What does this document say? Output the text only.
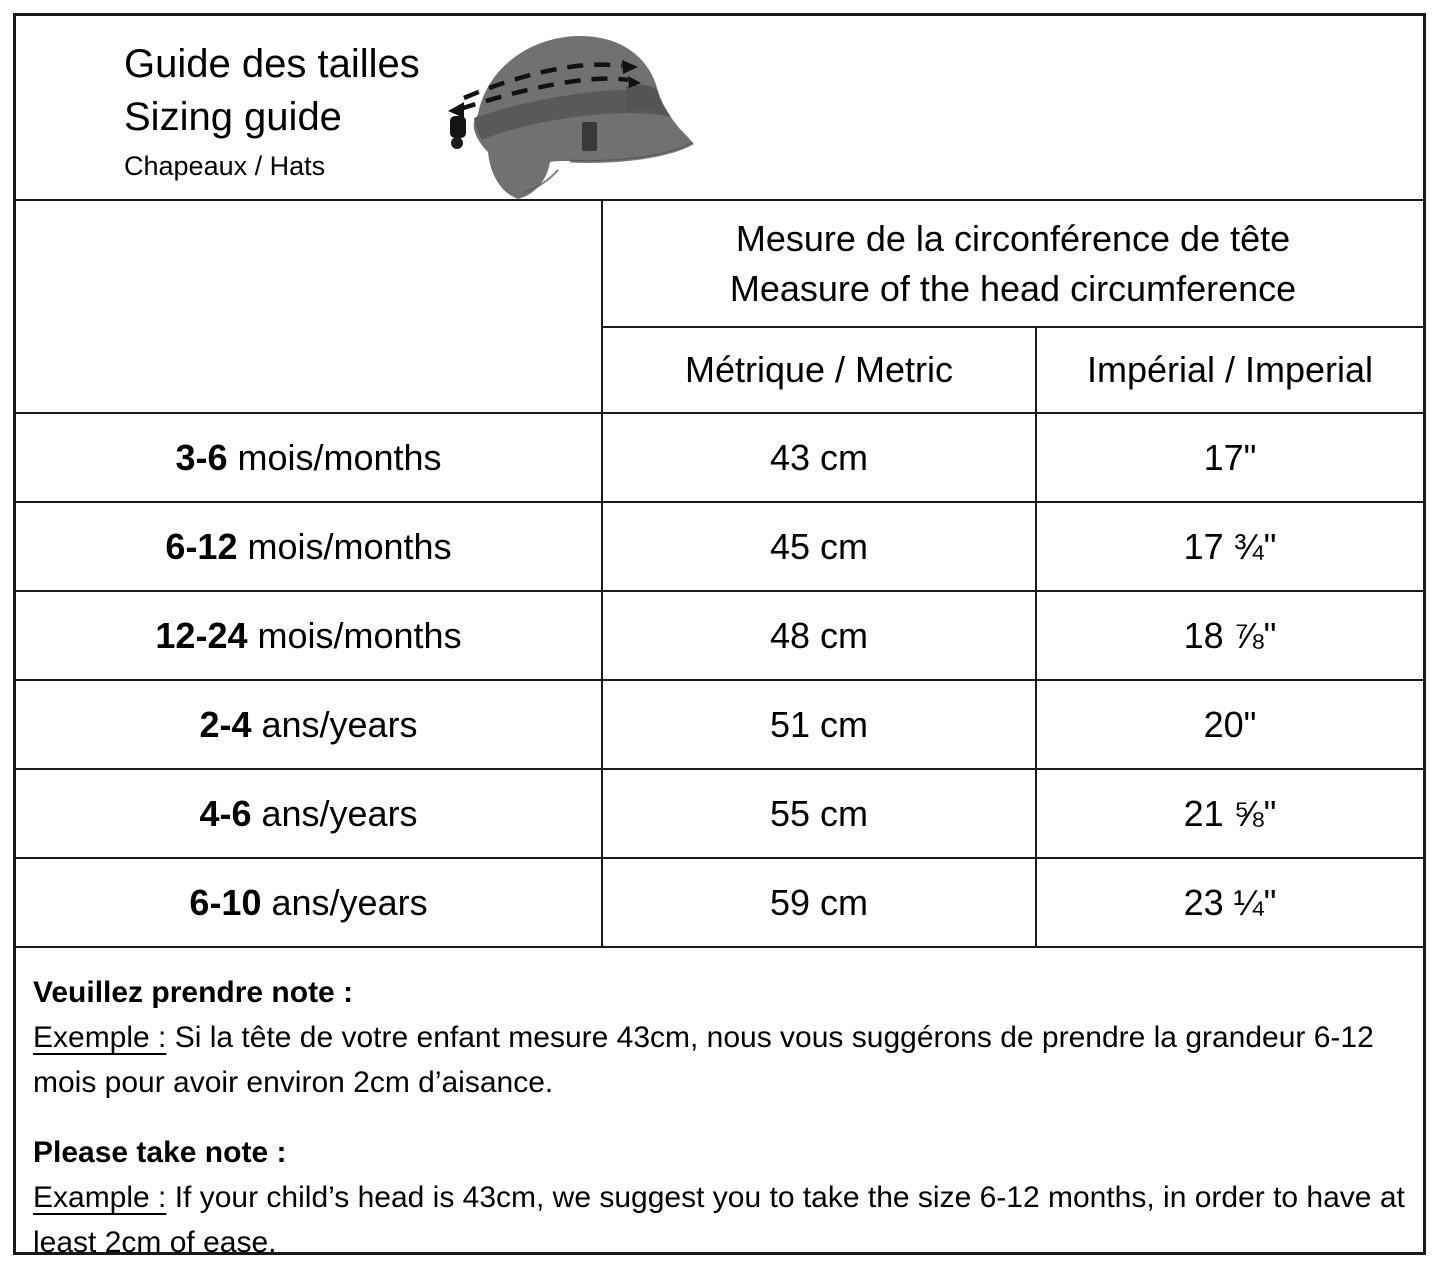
Guide des tailles
Sizing guide
Chapeaux / Hats

	Mesure de la circonférence de tête
Measure of the head circumference	

	Métrique / Metric	Impérial / Imperial
3-6 mois/months	43 cm	17"
6-12 mois/months	45 cm	17 ¾"
12-24 mois/months	48 cm	18 ⅞"
2-4 ans/years	51 cm	20"
4-6 ans/years	55 cm	21 ⅝"
6-10 ans/years	59 cm	23 ¼"
Veuillez prendre note :
Exemple : Si la tête de votre enfant mesure 43cm, nous vous suggérons de prendre la grandeur 6-12 mois pour avoir environ 2cm d’aisance.
Please take note :
Example : If your child’s head is 43cm, we suggest you to take the size 6-12 months, in order to have at least 2cm of ease.
